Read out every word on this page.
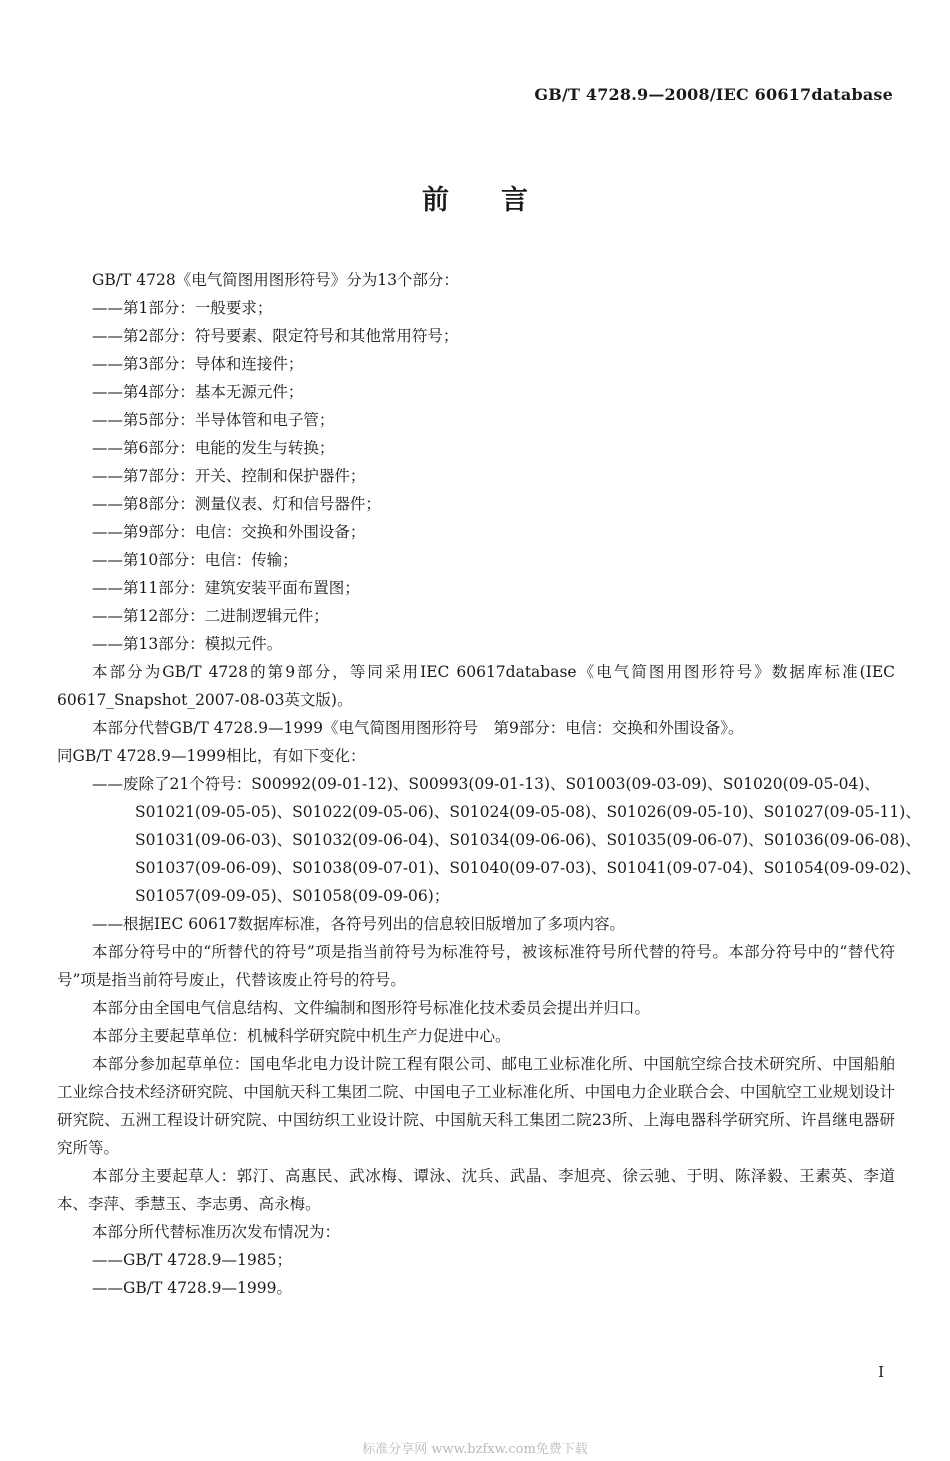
GB/T 4728.9—2008/IEC 60617database
前言
GB/T 4728《电气简图用图形符号》分为13个部分：
——第1部分：一般要求；
——第2部分：符号要素、限定符号和其他常用符号；
——第3部分：导体和连接件；
——第4部分：基本无源元件；
——第5部分：半导体管和电子管；
——第6部分：电能的发生与转换；
——第7部分：开关、控制和保护器件；
——第8部分：测量仪表、灯和信号器件；
——第9部分：电信：交换和外围设备；
——第10部分：电信：传输；
——第11部分：建筑安装平面布置图；
——第12部分：二进制逻辑元件；
——第13部分：模拟元件。
本部分为GB/T 4728的第9部分，等同采用IEC 60617database《电气简图用图形符号》数据库标准(IEC 60617_Snapshot_2007-08-03英文版)。
本部分代替GB/T 4728.9—1999《电气简图用图形符号　第9部分：电信：交换和外围设备》。
同GB/T 4728.9—1999相比，有如下变化：
——废除了21个符号：S00992(09-01-12)、S00993(09-01-13)、S01003(09-03-09)、S01020(09-05-04)、
S01021(09-05-05)、S01022(09-05-06)、S01024(09-05-08)、S01026(09-05-10)、S01027(09-05-11)、
S01031(09-06-03)、S01032(09-06-04)、S01034(09-06-06)、S01035(09-06-07)、S01036(09-06-08)、
S01037(09-06-09)、S01038(09-07-01)、S01040(09-07-03)、S01041(09-07-04)、S01054(09-09-02)、
S01057(09-09-05)、S01058(09-09-06)；
——根据IEC 60617数据库标准，各符号列出的信息较旧版增加了多项内容。
本部分符号中的“所替代的符号”项是指当前符号为标准符号，被该标准符号所代替的符号。本部分符号中的“替代符号”项是指当前符号废止，代替该废止符号的符号。
本部分由全国电气信息结构、文件编制和图形符号标准化技术委员会提出并归口。
本部分主要起草单位：机械科学研究院中机生产力促进中心。
本部分参加起草单位：国电华北电力设计院工程有限公司、邮电工业标准化所、中国航空综合技术研究所、中国船舶工业综合技术经济研究院、中国航天科工集团二院、中国电子工业标准化所、中国电力企业联合会、中国航空工业规划设计研究院、五洲工程设计研究院、中国纺织工业设计院、中国航天科工集团二院23所、上海电器科学研究所、许昌继电器研究所等。
本部分主要起草人：郭汀、高惠民、武冰梅、谭泳、沈兵、武晶、李旭亮、徐云驰、于明、陈泽毅、王素英、李道本、李萍、季慧玉、李志勇、高永梅。
本部分所代替标准历次发布情况为：
——GB/T 4728.9—1985；
——GB/T 4728.9—1999。
I
标准分享网 www.bzfxw.com免费下载
